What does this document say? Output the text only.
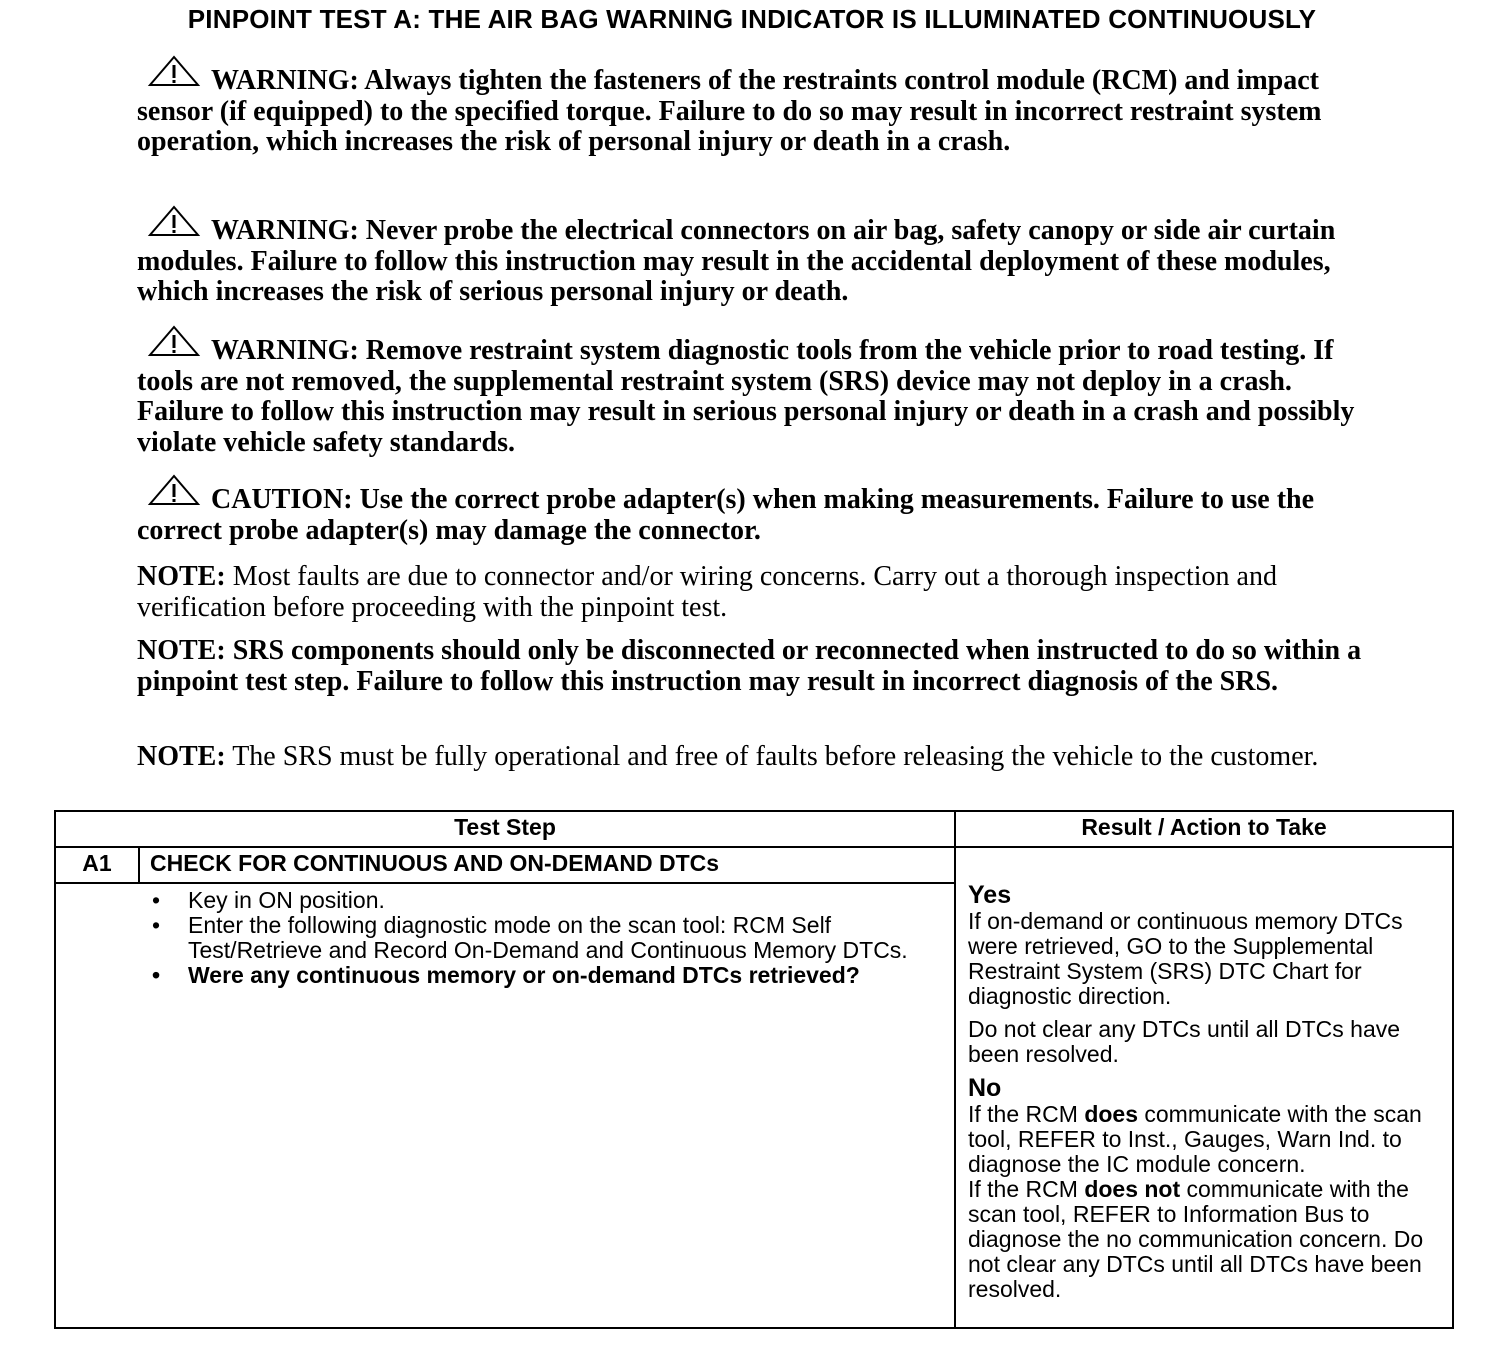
PINPOINT TEST A: THE AIR BAG WARNING INDICATOR IS ILLUMINATED CONTINUOUSLY
WARNING: Always tighten the fasteners of the restraints control module (RCM) and impact sensor (if equipped) to the specified torque. Failure to do so may result in incorrect restraint system operation, which increases the risk of personal injury or death in a crash.
WARNING: Never probe the electrical connectors on air bag, safety canopy or side air curtain modules. Failure to follow this instruction may result in the accidental deployment of these modules, which increases the risk of serious personal injury or death.
WARNING: Remove restraint system diagnostic tools from the vehicle prior to road testing. If tools are not removed, the supplemental restraint system (SRS) device may not deploy in a crash. Failure to follow this instruction may result in serious personal injury or death in a crash and possibly violate vehicle safety standards.
CAUTION: Use the correct probe adapter(s) when making measurements. Failure to use the correct probe adapter(s) may damage the connector.
NOTE: Most faults are due to connector and/or wiring concerns. Carry out a thorough inspection and verification before proceeding with the pinpoint test.
NOTE: SRS components should only be disconnected or reconnected when instructed to do so within a pinpoint test step. Failure to follow this instruction may result in incorrect diagnosis of the SRS.
NOTE: The SRS must be fully operational and free of faults before releasing the vehicle to the customer.
Test Step	Result / Action to Take
A1	CHECK FOR CONTINUOUS AND ON-DEMAND DTCs
• Key in ON position.
• Enter the following diagnostic mode on the scan tool: RCM Self Test/Retrieve and Record On-Demand and Continuous Memory DTCs.
• Were any continuous memory or on-demand DTCs retrieved?

Yes

If on-demand or continuous memory DTCs were retrieved, GO to the Supplemental Restraint System (SRS) DTC Chart for diagnostic direction.

Do not clear any DTCs until all DTCs have been resolved.

No

If the RCM does communicate with the scan tool, REFER to Inst., Gauges, Warn Ind. to diagnose the IC module concern.

If the RCM does not communicate with the scan tool, REFER to Information Bus to diagnose the no communication concern. Do not clear any DTCs until all DTCs have been resolved.
